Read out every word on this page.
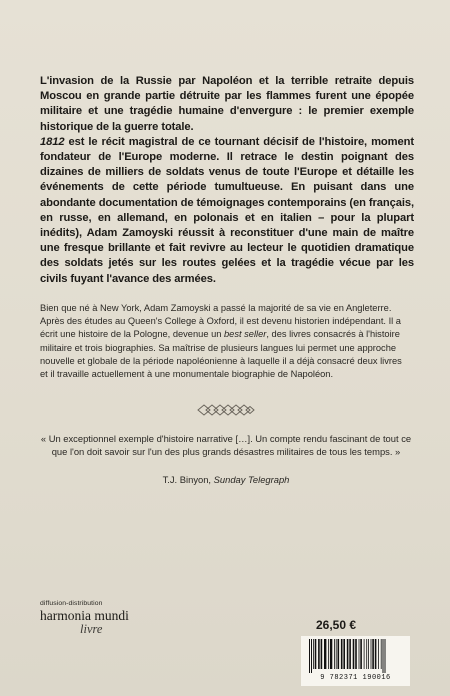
L'invasion de la Russie par Napoléon et la terrible retraite depuis Moscou en grande partie détruite par les flammes furent une épopée militaire et une tragédie humaine d'envergure : le premier exemple historique de la guerre totale.

1812 est le récit magistral de ce tournant décisif de l'histoire, moment fondateur de l'Europe moderne. Il retrace le destin poignant des dizaines de milliers de soldats venus de toute l'Europe et détaille les événements de cette période tumultueuse. En puisant dans une abondante documentation de témoignages contemporains (en français, en russe, en allemand, en polonais et en italien – pour la plupart inédits), Adam Zamoyski réussit à reconstituer d'une main de maître une fresque brillante et fait revivre au lecteur le quotidien dramatique des soldats jetés sur les routes gelées et la tragédie vécue par les civils fuyant l'avance des armées.

Bien que né à New York, Adam Zamoyski a passé la majorité de sa vie en Angleterre. Après des études au Queen's College à Oxford, il est devenu historien indépendant. Il a écrit une histoire de la Pologne, devenue un best seller, des livres consacrés à l'histoire militaire et trois biographies. Sa maîtrise de plusieurs langues lui permet une approche nouvelle et globale de la période napoléonienne à laquelle il a déjà consacré deux livres et il travaille actuellement à une monumentale biographie de Napoléon.

« Un exceptionnel exemple d'histoire narrative […]. Un compte rendu fascinant de tout ce que l'on doit savoir sur l'un des plus grands désastres militaires de tous les temps. »

T.J. Binyon, Sunday Telegraph
diffusion-distribution
harmonia mundi
livre	26,50 €
9 782371 190016
